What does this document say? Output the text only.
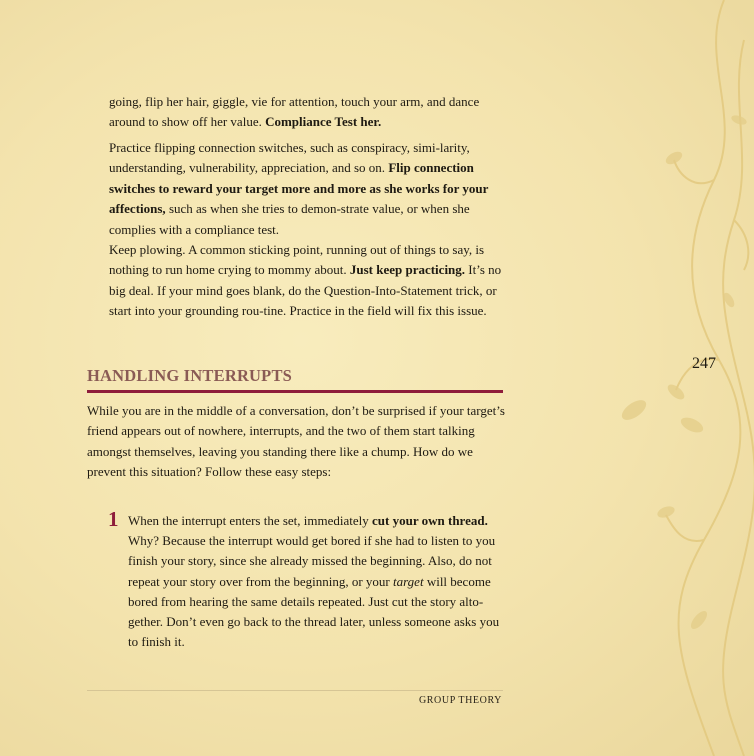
going, flip her hair, giggle, vie for attention, touch your arm, and dance around to show off her value. Compliance Test her.

Practice flipping connection switches, such as conspiracy, simi-larity, understanding, vulnerability, appreciation, and so on. Flip connection switches to reward your target more and more as she works for your affections, such as when she tries to demon-strate value, or when she complies with a compliance test.

Keep plowing. A common sticking point, running out of things to say, is nothing to run home crying to mommy about. Just keep practicing. It’s no big deal. If your mind goes blank, do the Question-Into-Statement trick, or start into your grounding rou-tine. Practice in the field will fix this issue.

HANDLING INTERRUPTS
247

While you are in the middle of a conversation, don’t be surprised if your target’s friend appears out of nowhere, interrupts, and the two of them start talking amongst themselves, leaving you standing there like a chump. How do we prevent this situation? Follow these easy steps:

1 When the interrupt enters the set, immediately cut your own thread. Why? Because the interrupt would get bored if she had to listen to you finish your story, since she already missed the beginning. Also, do not repeat your story over from the beginning, or your target will become bored from hearing the same details repeated. Just cut the story alto-gether. Don’t even go back to the thread later, unless someone asks you to finish it.

GROUP THEORY
